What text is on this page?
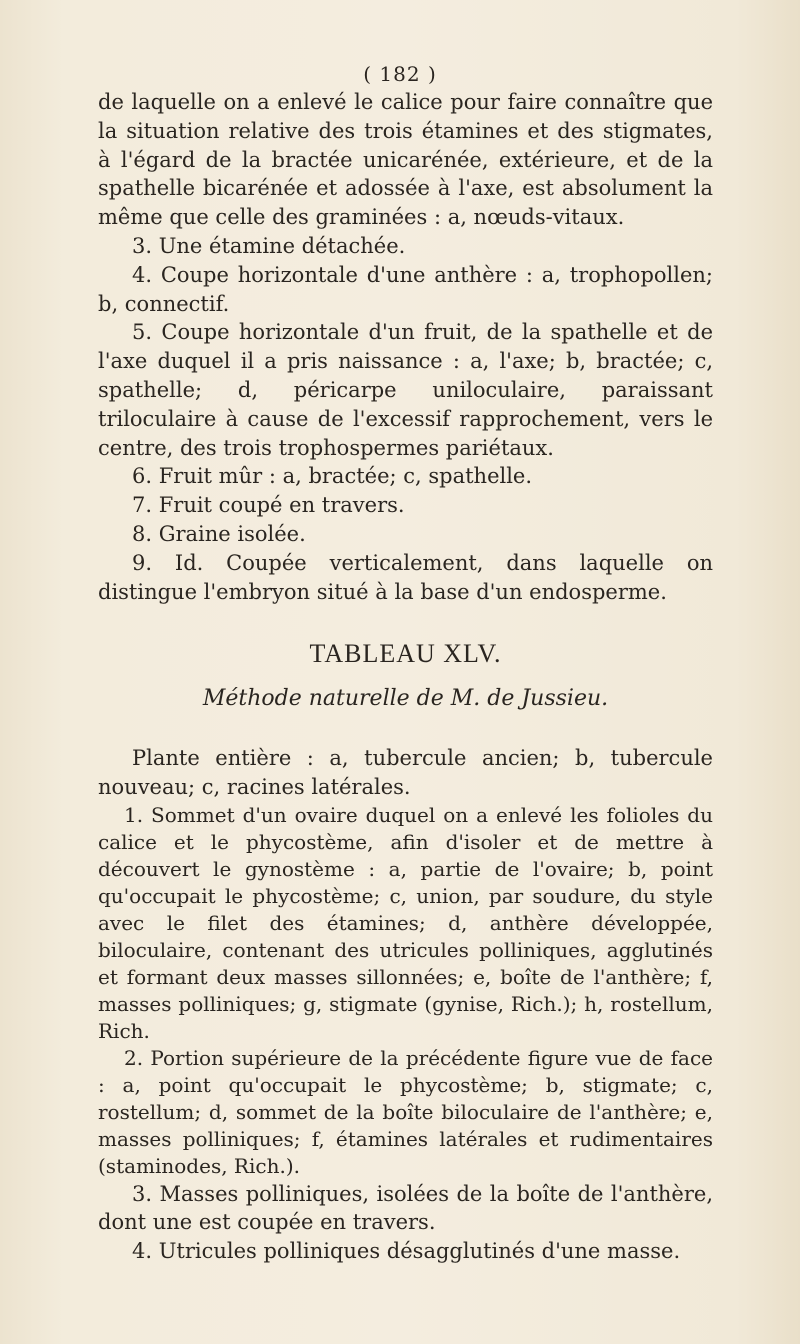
( 182 )

de laquelle on a enlevé le calice pour faire connaître que la situation relative des trois étamines et des stigmates, à l'égard de la bractée unicarénée, extérieure, et de la spathelle bicarénée et adossée à l'axe, est absolument la même que celle des graminées : a, nœuds-vitaux.

3. Une étamine détachée.

4. Coupe horizontale d'une anthère : a, trophopollen; b, connectif.

5. Coupe horizontale d'un fruit, de la spathelle et de l'axe duquel il a pris naissance : a, l'axe; b, bractée; c, spathelle; d, péricarpe uniloculaire, paraissant triloculaire à cause de l'excessif rapprochement, vers le centre, des trois trophospermes pariétaux.

6. Fruit mûr : a, bractée; c, spathelle.

7. Fruit coupé en travers.

8. Graine isolée.

9. Id. Coupée verticalement, dans laquelle on distingue l'embryon situé à la base d'un endosperme.

TABLEAU XLV.
Méthode naturelle de M. de Jussieu.

Plante entière : a, tubercule ancien; b, tubercule nouveau; c, racines latérales.

1. Sommet d'un ovaire duquel on a enlevé les folioles du calice et le phycostème, afin d'isoler et de mettre à découvert le gynostème : a, partie de l'ovaire; b, point qu'occupait le phycostème; c, union, par soudure, du style avec le filet des étamines; d, anthère développée, biloculaire, contenant des utricules polliniques, agglutinés et formant deux masses sillonnées; e, boîte de l'anthère; f, masses polliniques; g, stigmate (gynise, Rich.); h, rostellum, Rich.

2. Portion supérieure de la précédente figure vue de face : a, point qu'occupait le phycostème; b, stigmate; c, rostellum; d, sommet de la boîte biloculaire de l'anthère; e, masses polliniques; f, étamines latérales et rudimentaires (staminodes, Rich.).

3. Masses polliniques, isolées de la boîte de l'anthère, dont une est coupée en travers.

4. Utricules polliniques désagglutinés d'une masse.
